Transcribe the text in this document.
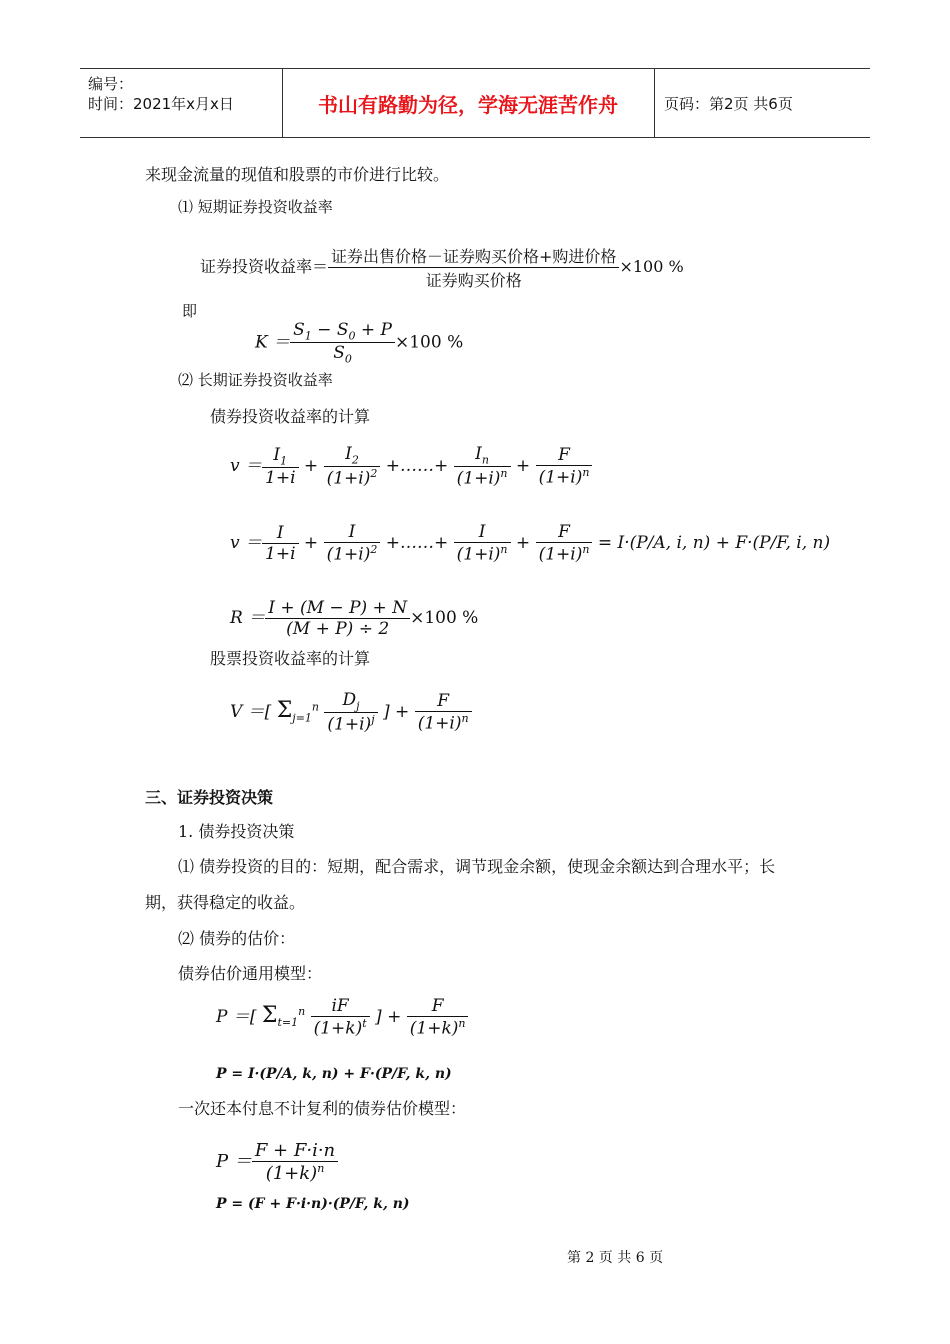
编号：
时间：2021年x月x日	书山有路勤为径，学海无涯苦作舟	页码：第2页 共6页
来现金流量的现值和股票的市价进行比较。
⑴ 短期证券投资收益率
证券投资收益率＝ $\frac{\text{证券出售价格－证券购买价格+购进价格}}{\text{证券购买价格}} \times 100$ %
即
$K = \frac{S_1 - S_0 + P}{S_0} \times 100$ %
⑵ 长期证券投资收益率
债券投资收益率的计算
$v = \frac{I_1}{1+i} + \frac{I_2}{(1+i)^2}$ +……+ $\frac{I_n}{(1+i)^n} + \frac{F}{(1+i)^n}$
$v = \frac{I}{1+i} + \frac{I}{(1+i)^2}$ +……+ $\frac{I}{(1+i)^n} + \frac{F}{(1+i)^n} = I\cdot(P/A$, i, n) + F·(P/F, i, n)
$R = \frac{I + (M - P) + N}{(M + P) \div 2} \times 100$ %
股票投资收益率的计算
V ＝[ $\Sigma_{j=1}^n \frac{D_j}{(1+i)^j}$ ] + $\frac{F}{(1+i)^n}$
三、证券投资决策
1. 债券投资决策
⑴ 债券投资的目的：短期，配合需求，调节现金余额，使现金余额达到合理水平；长
期，获得稳定的收益。
⑵ 债券的估价：
债券估价通用模型：
P ＝[ $\Sigma_{t=1}^n \frac{iF}{(1+k)^t}$ ] + $\frac{F}{(1+k)^n}$
P = I·(P/A, k, n) + F·(P/F, k, n)
一次还本付息不计复利的债券估价模型：
$P = \frac{F + F\cdot i\cdot n}{(1+k)^n}$
P = (F + F·i·n)·(P/F, k, n)
第 2 页 共 6 页
